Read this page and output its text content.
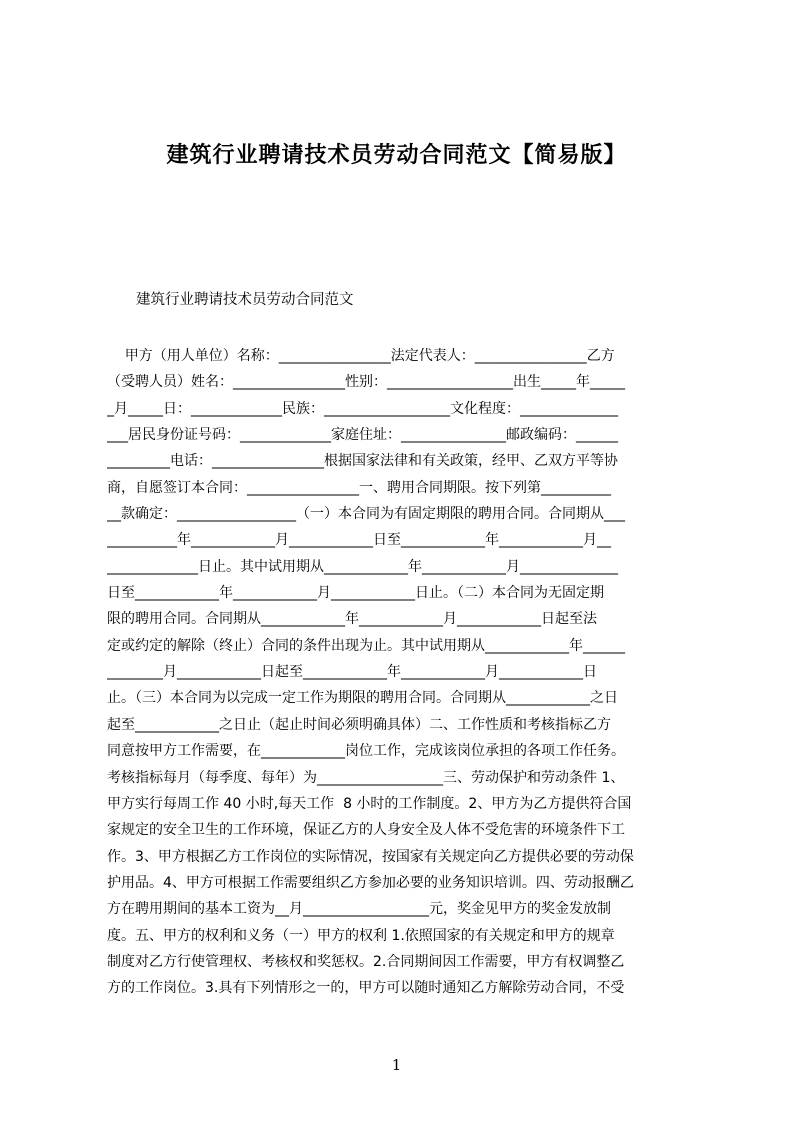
建筑行业聘请技术员劳动合同范文【简易版】
建筑行业聘请技术员劳动合同范文
甲方（用人单位）名称：________________法定代表人：________________乙方
（受聘人员）姓名：________________性别：__________________出生_____年_____
_月_____日：_____________民族：__________________文化程度：______________
___居民身份证号码：_____________家庭住址：_______________邮政编码：______
_________电话：________________根据国家法律和有关政策，经甲、乙双方平等协
商，自愿签订本合同：________________一、聘用合同期限。按下列第__________
__款确定：_________________（一）本合同为有固定期限的聘用合同。合同期从___
__________年____________月____________日至____________年____________月__
_____________日止。其中试用期从____________年____________月______________
日至____________年____________月____________日止。（二）本合同为无固定期
限的聘用合同。合同期从____________年____________月____________日起至法
定或约定的解除（终止）合同的条件出现为止。其中试用期从____________年______
________月____________日起至____________年____________月____________日
止。（三）本合同为以完成一定工作为期限的聘用合同。合同期从____________之日
起至____________之日止（起止时间必须明确具体）二、工作性质和考核指标乙方
同意按甲方工作需要，在____________岗位工作，完成该岗位承担的各项工作任务。
考核指标每月（每季度、每年）为__________________三、劳动保护和劳动条件 1、
甲方实行每周工作 40 小时,每天工作  8 小时的工作制度。2、甲方为乙方提供符合国
家规定的安全卫生的工作环境，保证乙方的人身安全及人体不受危害的环境条件下工
作。3、甲方根据乙方工作岗位的实际情况，按国家有关规定向乙方提供必要的劳动保
护用品。4、甲方可根据工作需要组织乙方参加必要的业务知识培训。四、劳动报酬乙
方在聘用期间的基本工资为__月__________________元，奖金见甲方的奖金发放制
度。五、甲方的权利和义务（一）甲方的权利 1.依照国家的有关规定和甲方的规章
制度对乙方行使管理权、考核权和奖惩权。2.合同期间因工作需要，甲方有权调整乙
方的工作岗位。3.具有下列情形之一的，甲方可以随时通知乙方解除劳动合同，不受
1
